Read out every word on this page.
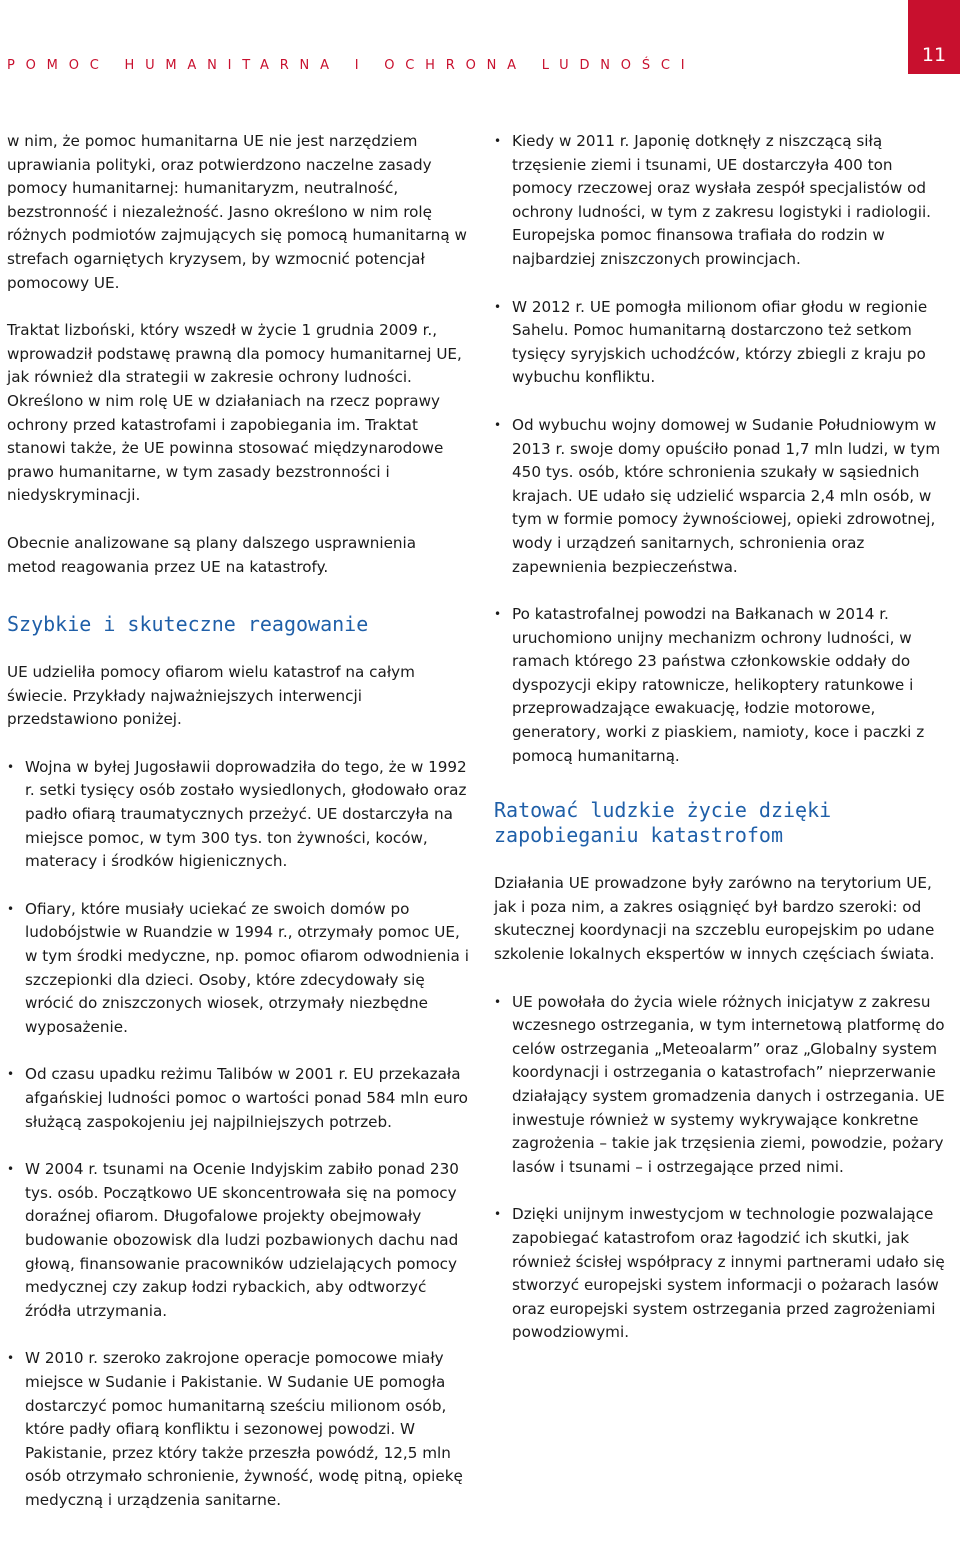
POMOC HUMANITARNA I OCHRONA LUDNOŚCI	11

w nim, że pomoc humanitarna UE nie jest narzędziem uprawiania polityki, oraz potwierdzono naczelne zasady pomocy humanitarnej: humanitaryzm, neutralność, bezstronność i niezależność. Jasno określono w nim rolę różnych podmiotów zajmujących się pomocą humanitarną w strefach ogarniętych kryzysem, by wzmocnić potencjał pomocowy UE.

Traktat lizboński, który wszedł w życie 1 grudnia 2009 r., wprowadził podstawę prawną dla pomocy humanitarnej UE, jak również dla strategii w zakresie ochrony ludności. Określono w nim rolę UE w działaniach na rzecz poprawy ochrony przed katastrofami i zapobiegania im. Traktat stanowi także, że UE powinna stosować międzynarodowe prawo humanitarne, w tym zasady bezstronności i niedyskryminacji.

Obecnie analizowane są plany dalszego usprawnienia metod reagowania przez UE na katastrofy.

Szybkie i skuteczne reagowanie

UE udzieliła pomocy ofiarom wielu katastrof na całym świecie. Przykłady najważniejszych interwencji przedstawiono poniżej.

• Wojna w byłej Jugosławii doprowadziła do tego, że w 1992 r. setki tysięcy osób zostało wysiedlonych, głodowało oraz padło ofiarą traumatycznych przeżyć. UE dostarczyła na miejsce pomoc, w tym 300 tys. ton żywności, koców, materacy i środków higienicznych.
• Ofiary, które musiały uciekać ze swoich domów po ludobójstwie w Ruandzie w 1994 r., otrzymały pomoc UE, w tym środki medyczne, np. pomoc ofiarom odwodnienia i szczepionki dla dzieci. Osoby, które zdecydowały się wrócić do zniszczonych wiosek, otrzymały niezbędne wyposażenie.
• Od czasu upadku reżimu Talibów w 2001 r. EU przekazała afgańskiej ludności pomoc o wartości ponad 584 mln euro służącą zaspokojeniu jej najpilniejszych potrzeb.
• W 2004 r. tsunami na Ocenie Indyjskim zabiło ponad 230 tys. osób. Początkowo UE skoncentrowała się na pomocy doraźnej ofiarom. Długofalowe projekty obejmowały budowanie obozowisk dla ludzi pozbawionych dachu nad głową, finansowanie pracowników udzielających pomocy medycznej czy zakup łodzi rybackich, aby odtworzyć źródła utrzymania.
• W 2010 r. szeroko zakrojone operacje pomocowe miały miejsce w Sudanie i Pakistanie. W Sudanie UE pomogła dostarczyć pomoc humanitarną sześciu milionom osób, które padły ofiarą konfliktu i sezonowej powodzi. W Pakistanie, przez który także przeszła powódź, 12,5 mln osób otrzymało schronienie, żywność, wodę pitną, opiekę medyczną i urządzenia sanitarne.
• Kiedy w 2011 r. Japonię dotknęły z niszczącą siłą trzęsienie ziemi i tsunami, UE dostarczyła 400 ton pomocy rzeczowej oraz wysłała zespół specjalistów od ochrony ludności, w tym z zakresu logistyki i radiologii. Europejska pomoc finansowa trafiała do rodzin w najbardziej zniszczonych prowincjach.
• W 2012 r. UE pomogła milionom ofiar głodu w regionie Sahelu. Pomoc humanitarną dostarczono też setkom tysięcy syryjskich uchodźców, którzy zbiegli z kraju po wybuchu konfliktu.
• Od wybuchu wojny domowej w Sudanie Południowym w 2013 r. swoje domy opuściło ponad 1,7 mln ludzi, w tym 450 tys. osób, które schronienia szukały w sąsiednich krajach. UE udało się udzielić wsparcia 2,4 mln osób, w tym w formie pomocy żywnościowej, opieki zdrowotnej, wody i urządzeń sanitarnych, schronienia oraz zapewnienia bezpieczeństwa.
• Po katastrofalnej powodzi na Bałkanach w 2014 r. uruchomiono unijny mechanizm ochrony ludności, w ramach którego 23 państwa członkowskie oddały do dyspozycji ekipy ratownicze, helikoptery ratunkowe i przeprowadzające ewakuację, łodzie motorowe, generatory, worki z piaskiem, namioty, koce i paczki z pomocą humanitarną.
Ratować ludzkie życie dzięki zapobieganiu katastrofom

Działania UE prowadzone były zarówno na terytorium UE, jak i poza nim, a zakres osiągnięć był bardzo szeroki: od skutecznej koordynacji na szczeblu europejskim po udane szkolenie lokalnych ekspertów w innych częściach świata.

• UE powołała do życia wiele różnych inicjatyw z zakresu wczesnego ostrzegania, w tym internetową platformę do celów ostrzegania „Meteoalarm” oraz „Globalny system koordynacji i ostrzegania o katastrofach” nieprzerwanie działający system gromadzenia danych i ostrzegania. UE inwestuje również w systemy wykrywające konkretne zagrożenia – takie jak trzęsienia ziemi, powodzie, pożary lasów i tsunami – i ostrzegające przed nimi.
• Dzięki unijnym inwestycjom w technologie pozwalające zapobiegać katastrofom oraz łagodzić ich skutki, jak również ścisłej współpracy z innymi partnerami udało się stworzyć europejski system informacji o pożarach lasów oraz europejski system ostrzegania przed zagrożeniami powodziowymi.
